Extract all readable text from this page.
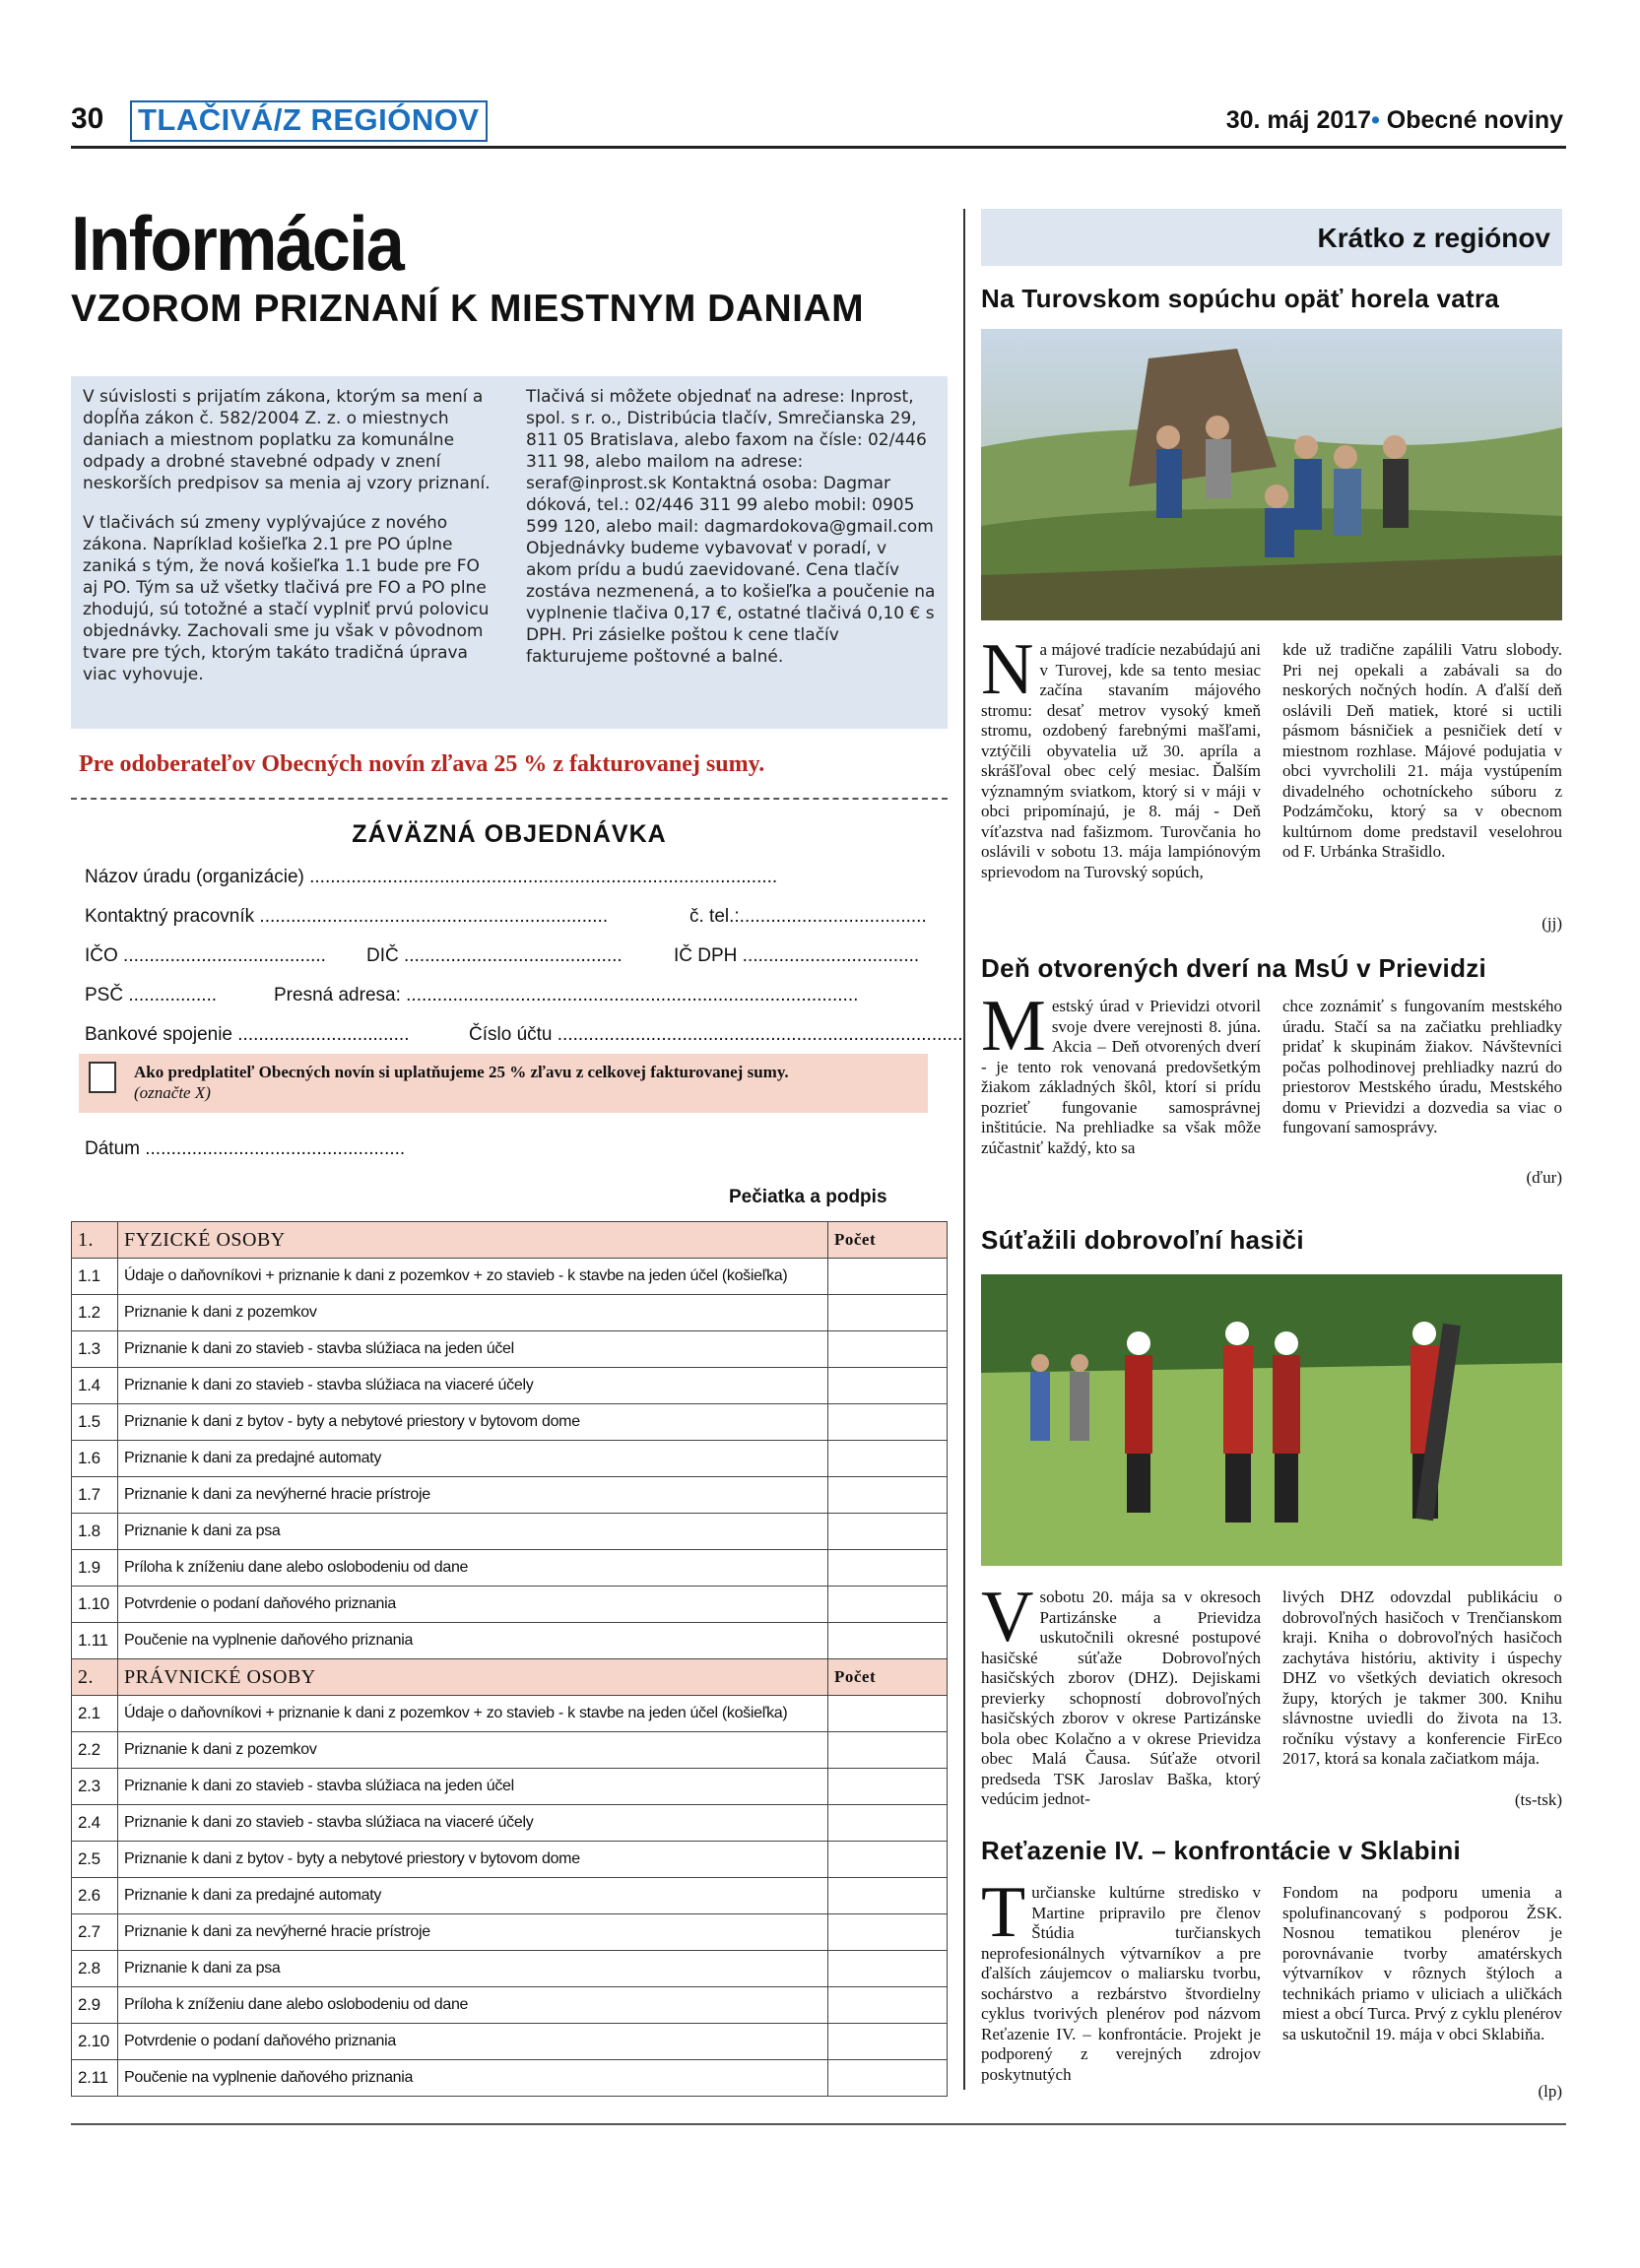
30 TLAČIVÁ/Z REGIÓNOV	30. máj 2017• Obecné noviny
Informácia
VZOROM PRIZNANÍ K MIESTNYM DANIAM

V súvislosti s prijatím zákona, ktorým sa mení a dopĺňa zákon č. 582/2004 Z. z. o miestnych daniach a miestnom poplatku za komunálne odpady a drobné stavebné odpady v znení neskorších predpisov sa menia aj vzory priznaní.

V tlačivách sú zmeny vyplývajúce z nového zákona. Napríklad košieľka 2.1 pre PO úplne zaniká s tým, že nová košieľka 1.1 bude pre FO aj PO. Tým sa už všetky tlačivá pre FO a PO plne zhodujú, sú totožné a stačí vyplniť prvú polovicu objednávky. Zachovali sme ju však v pôvodnom tvare pre tých, ktorým takáto tradičná úprava viac vyhovuje.

Tlačivá si môžete objednať na adrese: Inprost, spol. s r. o., Distribúcia tlačív, Smrečianska 29, 811 05 Bratislava, alebo faxom na čísle: 02/446 311 98, alebo mailom na adrese: seraf@inprost.sk Kontaktná osoba: Dagmar dóková, tel.: 02/446 311 99 alebo mobil: 0905 599 120, alebo mail: dagmardokova@gmail.com Objednávky budeme vybavovať v poradí, v akom prídu a budú zaevidované. Cena tlačív zostáva nezmenená, a to košieľka a poučenie na vyplnenie tlačiva 0,17 €, ostatné tlačivá 0,10 € s DPH. Pri zásielke poštou k cene tlačív fakturujeme poštovné a balné.

Pre odoberateľov Obecných novín zľava 25 % z fakturovanej sumy.
ZÁVÄZNÁ OBJEDNÁVKA
Názov úradu (organizácie) ..........................................................................................
Kontaktný pracovník ...................................................................	č. tel.:....................................
IČO ....................................... DIČ ..........................................	IČ DPH ..................................
PSČ .................	Presná adresa: .......................................................................................
Bankové spojenie .................................	Číslo účtu ..............................................................................
Ako predplatiteľ Obecných novín si uplatňujeme 25 % zľavu z celkovej fakturovanej sumy.
(označte X)
Dátum ..................................................
Pečiatka a podpis
1.	FYZICKÉ OSOBY	Počet
1.1	Údaje o daňovníkovi + priznanie k dani z pozemkov + zo stavieb - k stavbe na jeden účel (košieľka)	
1.2	Priznanie k dani z pozemkov	
1.3	Priznanie k dani zo stavieb - stavba slúžiaca na jeden účel	
1.4	Priznanie k dani zo stavieb - stavba slúžiaca na viaceré účely	
1.5	Priznanie k dani z bytov - byty a nebytové priestory v bytovom dome	
1.6	Priznanie k dani za predajné automaty	
1.7	Priznanie k dani za nevýherné hracie prístroje	
1.8	Priznanie k dani za psa	
1.9	Príloha k zníženiu dane alebo oslobodeniu od dane	
1.10	Potvrdenie o podaní daňového priznania	
1.11	Poučenie na vyplnenie daňového priznania	
2.	PRÁVNICKÉ OSOBY	Počet
2.1	Údaje o daňovníkovi + priznanie k dani z pozemkov + zo stavieb - k stavbe na jeden účel (košieľka)	
2.2	Priznanie k dani z pozemkov	
2.3	Priznanie k dani zo stavieb - stavba slúžiaca na jeden účel	
2.4	Priznanie k dani zo stavieb - stavba slúžiaca na viaceré účely	
2.5	Priznanie k dani z bytov - byty a nebytové priestory v bytovom dome	
2.6	Priznanie k dani za predajné automaty	
2.7	Priznanie k dani za nevýherné hracie prístroje	
2.8	Priznanie k dani za psa	
2.9	Príloha k zníženiu dane alebo oslobodeniu od dane	
2.10	Potvrdenie o podaní daňového priznania	
2.11	Poučenie na vyplnenie daňového priznania	
Krátko z regiónov
Na Turovskom sopúchu opäť horela vatra
Na májové tradície nezabúdajú ani v Turovej, kde sa tento mesiac začína stavaním májového stromu: desať metrov vysoký kmeň stromu, ozdobený farebnými mašľami, vztýčili obyvatelia už 30. apríla a skrášľoval obec celý mesiac. Ďalším významným sviatkom, ktorý si v máji v obci pripomínajú, je 8. máj - Deň víťazstva nad fašizmom. Turovčania ho oslávili v sobotu 13. mája lampiónovým sprievodom na Turovský sopúch,
kde už tradične zapálili Vatru slobody. Pri nej opekali a zabávali sa do neskorých nočných hodín. A ďalší deň oslávili Deň matiek, ktoré si uctili pásmom básničiek a pesničiek detí v miestnom rozhlase. Májové podujatia v obci vyvrcholili 21. mája vystúpením divadelného ochotníckeho súboru z Podzámčoku, ktorý sa v obecnom kultúrnom dome predstavil veselohrou od F. Urbánka Strašidlo.
(jj)
Deň otvorených dverí na MsÚ v Prievidzi
Mestský úrad v Prievidzi otvoril svoje dvere verejnosti 8. júna. Akcia – Deň otvorených dverí - je tento rok venovaná predovšetkým žiakom základných škôl, ktorí si prídu pozrieť fungovanie samosprávnej inštitúcie. Na prehliadke sa však môže zúčastniť každý, kto sa
chce zoznámiť s fungovaním mestského úradu. Stačí sa na začiatku prehliadky pridať k skupinám žiakov. Návštevníci počas polhodinovej prehliadky nazrú do priestorov Mestského úradu, Mestského domu v Prievidzi a dozvedia sa viac o fungovaní samosprávy.
(ďur)
Súťažili dobrovoľní hasiči
Vsobotu 20. mája sa v okresoch Partizánske a Prievidza uskutočnili okresné postupové hasičské súťaže Dobrovoľných hasičských zborov (DHZ). Dejiskami previerky schopností dobrovoľných hasičských zborov v okrese Partizánske bola obec Kolačno a v okrese Prievidza obec Malá Čausa. Súťaže otvoril predseda TSK Jaroslav Baška, ktorý vedúcim jednot-
livých DHZ odovzdal publikáciu o dobrovoľných hasičoch v Trenčianskom kraji. Kniha o dobrovoľných hasičoch zachytáva históriu, aktivity i úspechy DHZ vo všetkých deviatich okresoch župy, ktorých je takmer 300. Knihu slávnostne uviedli do života na 13. ročníku výstavy a konferencie FirEco 2017, ktorá sa konala začiatkom mája.
(ts-tsk)
Reťazenie IV. – konfrontácie v Sklabini
Turčianske kultúrne stredisko v Martine pripravilo pre členov Štúdia turčianskych neprofesionálnych výtvarníkov a pre ďalších záujemcov o maliarsku tvorbu, sochárstvo a rezbárstvo štvordielny cyklus tvorivých plenérov pod názvom Reťazenie IV. – konfrontácie. Projekt je podporený z verejných zdrojov poskytnutých
Fondom na podporu umenia a spolufinancovaný s podporou ŽSK. Nosnou tematikou plenérov je porovnávanie tvorby amatérskych výtvarníkov v rôznych štýloch a technikách priamo v uliciach a uličkách miest a obcí Turca. Prvý z cyklu plenérov sa uskutočnil 19. mája v obci Sklabiňa.
(lp)
